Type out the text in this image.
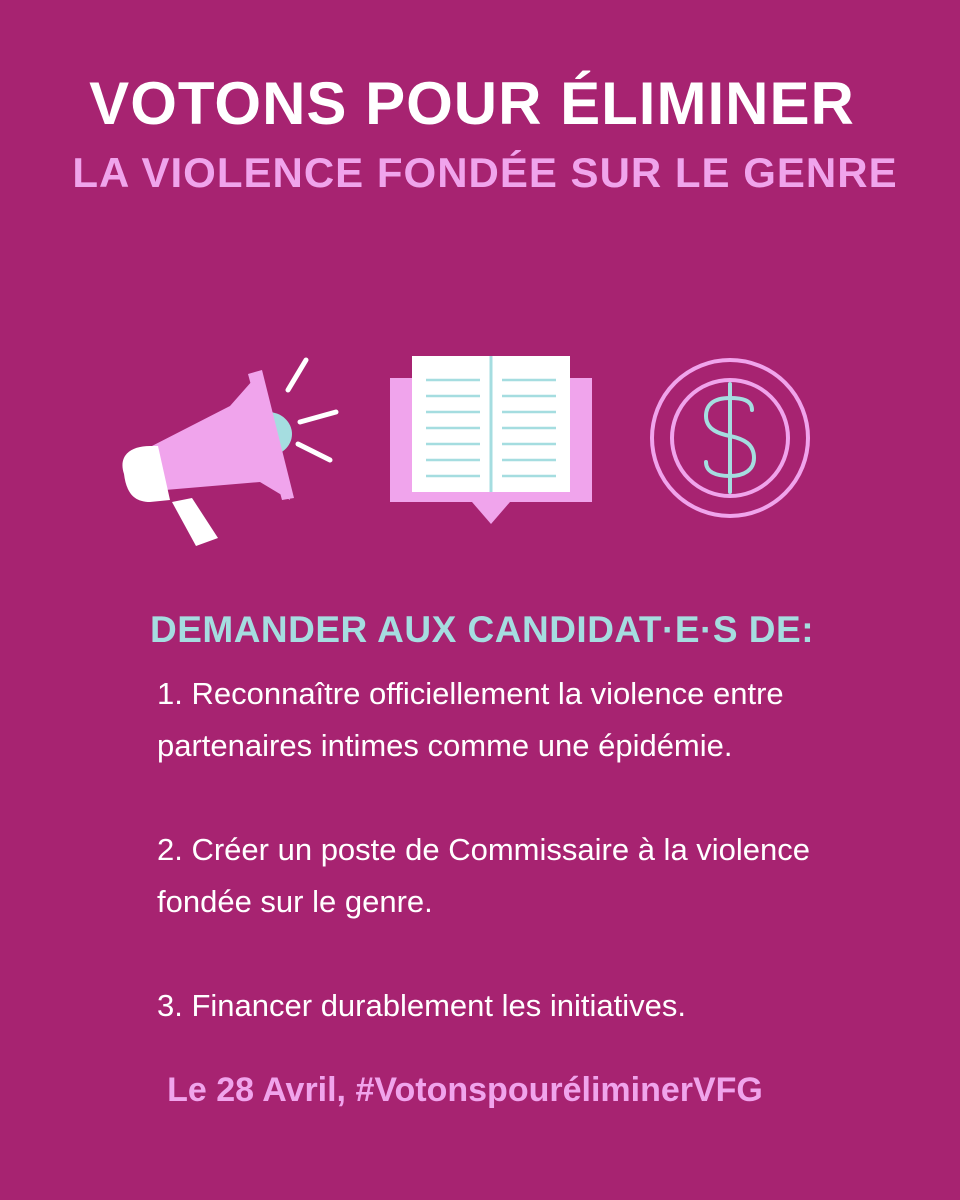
VOTONS POUR ÉLIMINER
LA VIOLENCE FONDÉE SUR LE GENRE
DEMANDER AUX CANDIDAT·E·S DE:
1. Reconnaître officiellement la violence entre partenaires intimes comme une épidémie.
2. Créer un poste de Commissaire à la violence fondée sur le genre.
3. Financer durablement les initiatives.

Le 28 Avril, #VotonspouréliminerVFG
